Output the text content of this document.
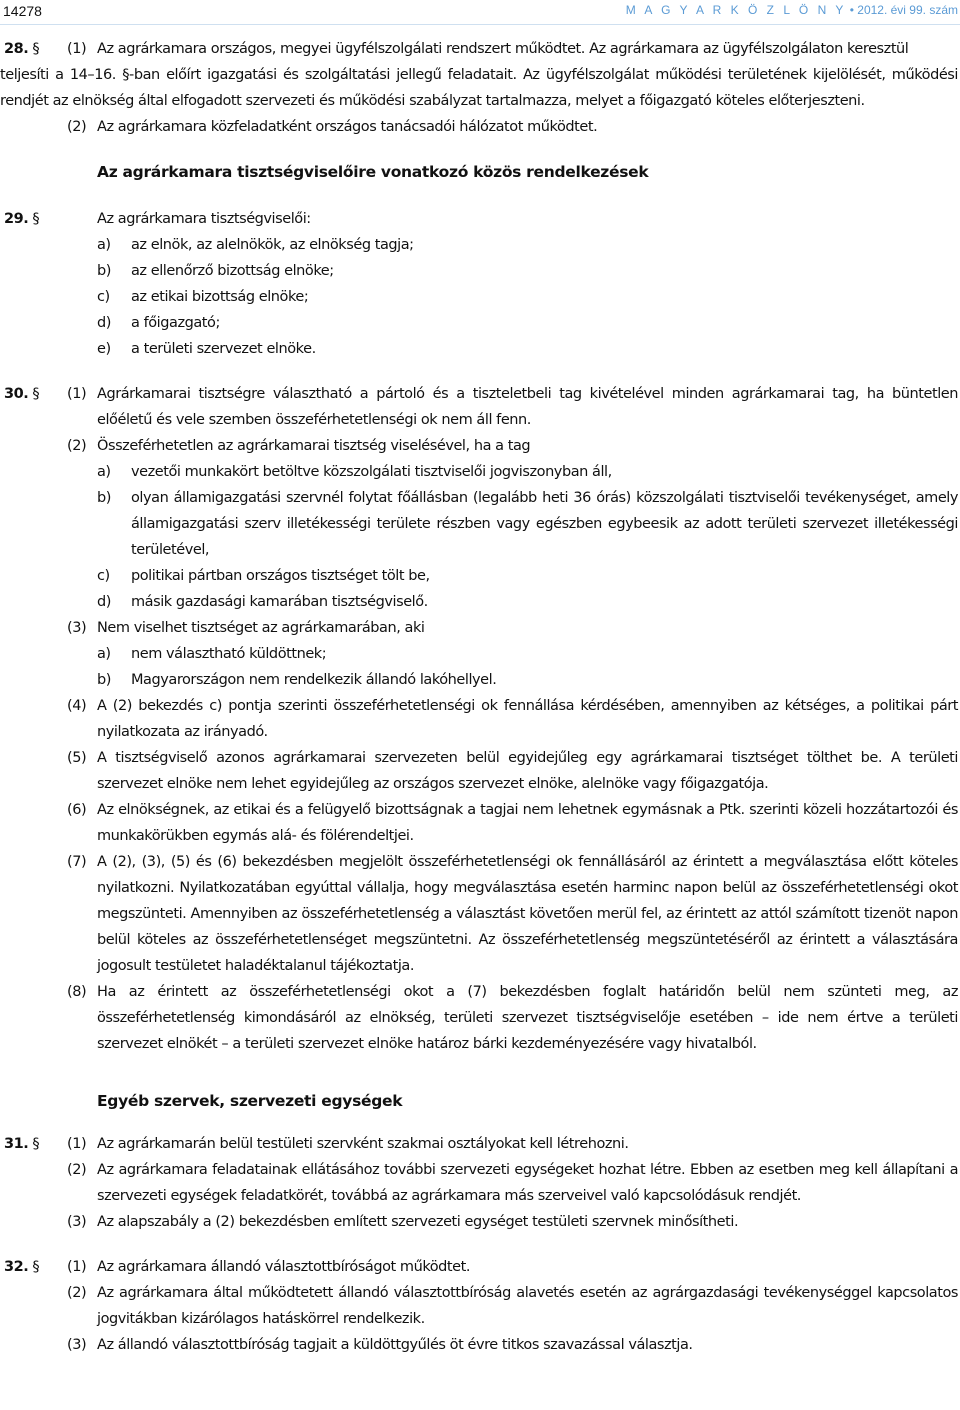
14278	M A G Y A R K Ö Z L Ö N Y • 2012. évi 99. szám
28. § (1) Az agrárkamara országos, megyei ügyfélszolgálati rendszert működtet. Az agrárkamara az ügyfélszolgálaton keresztül
teljesíti a 14–16. §-ban előírt igazgatási és szolgáltatási jellegű feladatait. Az ügyfélszolgálat működési területének kijelölését, működési rendjét az elnökség által elfogadott szervezeti és működési szabályzat tartalmazza, melyet a főigazgató köteles előterjeszteni.
(2) Az agrárkamara közfeladatként országos tanácsadói hálózatot működtet.
Az agrárkamara tisztségviselőire vonatkozó közös rendelkezések
29. §	Az agrárkamara tisztségviselői:
a) az elnök, az alelnökök, az elnökség tagja;
b) az ellenőrző bizottság elnöke;
c) az etikai bizottság elnöke;
d) a főigazgató;
e) a területi szervezet elnöke.
30. § (1) Agrárkamarai tisztségre választható a pártoló és a tiszteletbeli tag kivételével minden agrárkamarai tag, ha büntetlen előéletű és vele szemben összeférhetetlenségi ok nem áll fenn.
(2) Összeférhetetlen az agrárkamarai tisztség viselésével, ha a tag
a) vezetői munkakört betöltve közszolgálati tisztviselői jogviszonyban áll,
b) olyan államigazgatási szervnél folytat főállásban (legalább heti 36 órás) közszolgálati tisztviselői tevékenységet, amely államigazgatási szerv illetékességi területe részben vagy egészben egybeesik az adott területi szervezet illetékességi területével,
c) politikai pártban országos tisztséget tölt be,
d) másik gazdasági kamarában tisztségviselő.
(3) Nem viselhet tisztséget az agrárkamarában, aki
a) nem választható küldöttnek;
b) Magyarországon nem rendelkezik állandó lakóhellyel.
(4) A (2) bekezdés c) pontja szerinti összeférhetetlenségi ok fennállása kérdésében, amennyiben az kétséges, a politikai párt nyilatkozata az irányadó.
(5) A tisztségviselő azonos agrárkamarai szervezeten belül egyidejűleg egy agrárkamarai tisztséget tölthet be. A területi szervezet elnöke nem lehet egyidejűleg az országos szervezet elnöke, alelnöke vagy főigazgatója.
(6) Az elnökségnek, az etikai és a felügyelő bizottságnak a tagjai nem lehetnek egymásnak a Ptk. szerinti közeli hozzátartozói és munkakörükben egymás alá- és fölérendeltjei.
(7) A (2), (3), (5) és (6) bekezdésben megjelölt összeférhetetlenségi ok fennállásáról az érintett a megválasztása előtt köteles nyilatkozni. Nyilatkozatában egyúttal vállalja, hogy megválasztása esetén harminc napon belül az összeférhetetlenségi okot megszünteti. Amennyiben az összeférhetetlenség a választást követően merül fel, az érintett az attól számított tizenöt napon belül köteles az összeférhetetlenséget megszüntetni. Az összeférhetetlenség megszüntetéséről az érintett a választására jogosult testületet haladéktalanul tájékoztatja.
(8) Ha az érintett az összeférhetetlenségi okot a (7) bekezdésben foglalt határidőn belül nem szünteti meg, az összeférhetetlenség kimondásáról az elnökség, területi szervezet tisztségviselője esetében – ide nem értve a területi szervezet elnökét – a területi szervezet elnöke határoz bárki kezdeményezésére vagy hivatalból.
Egyéb szervek, szervezeti egységek
31. § (1) Az agrárkamarán belül testületi szervként szakmai osztályokat kell létrehozni.
(2) Az agrárkamara feladatainak ellátásához további szervezeti egységeket hozhat létre. Ebben az esetben meg kell állapítani a szervezeti egységek feladatkörét, továbbá az agrárkamara más szerveivel való kapcsolódásuk rendjét.
(3) Az alapszabály a (2) bekezdésben említett szervezeti egységet testületi szervnek minősítheti.
32. § (1) Az agrárkamara állandó választottbíróságot működtet.
(2) Az agrárkamara által működtetett állandó választottbíróság alavetés esetén az agrárgazdasági tevékenységgel kapcsolatos jogvitákban kizárólagos hatáskörrel rendelkezik.
(3) Az állandó választottbíróság tagjait a küldöttgyűlés öt évre titkos szavazással választja.
